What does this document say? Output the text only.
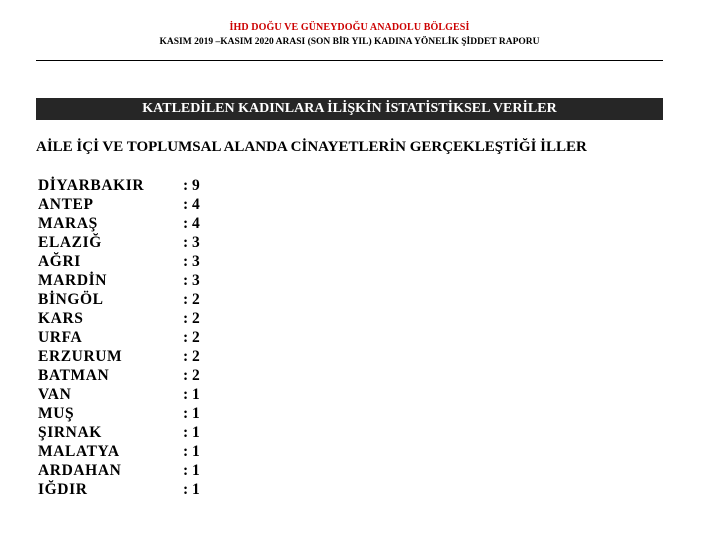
İHD DOĞU VE GÜNEYDOĞU ANADOLU BÖLGESİ
KASIM 2019 –KASIM 2020 ARASI (SON BİR YIL) KADINA YÖNELİK ŞİDDET RAPORU
KATLEDİLEN KADINLARA İLİŞKİN İSTATİSTİKSEL VERİLER
AİLE İÇİ VE TOPLUMSAL ALANDA CİNAYETLERİN GERÇEKLEŞTİĞİ İLLER
DİYARBAKIR	: 9
ANTEP	: 4
MARAŞ	: 4
ELAZIĞ	: 3
AĞRI	: 3
MARDİN	: 3
BİNGÖL	: 2
KARS	: 2
URFA	: 2
ERZURUM	: 2
BATMAN	: 2
VAN	: 1
MUŞ	: 1
ŞIRNAK	: 1
MALATYA	: 1
ARDAHAN	: 1
IĞDIR	: 1
